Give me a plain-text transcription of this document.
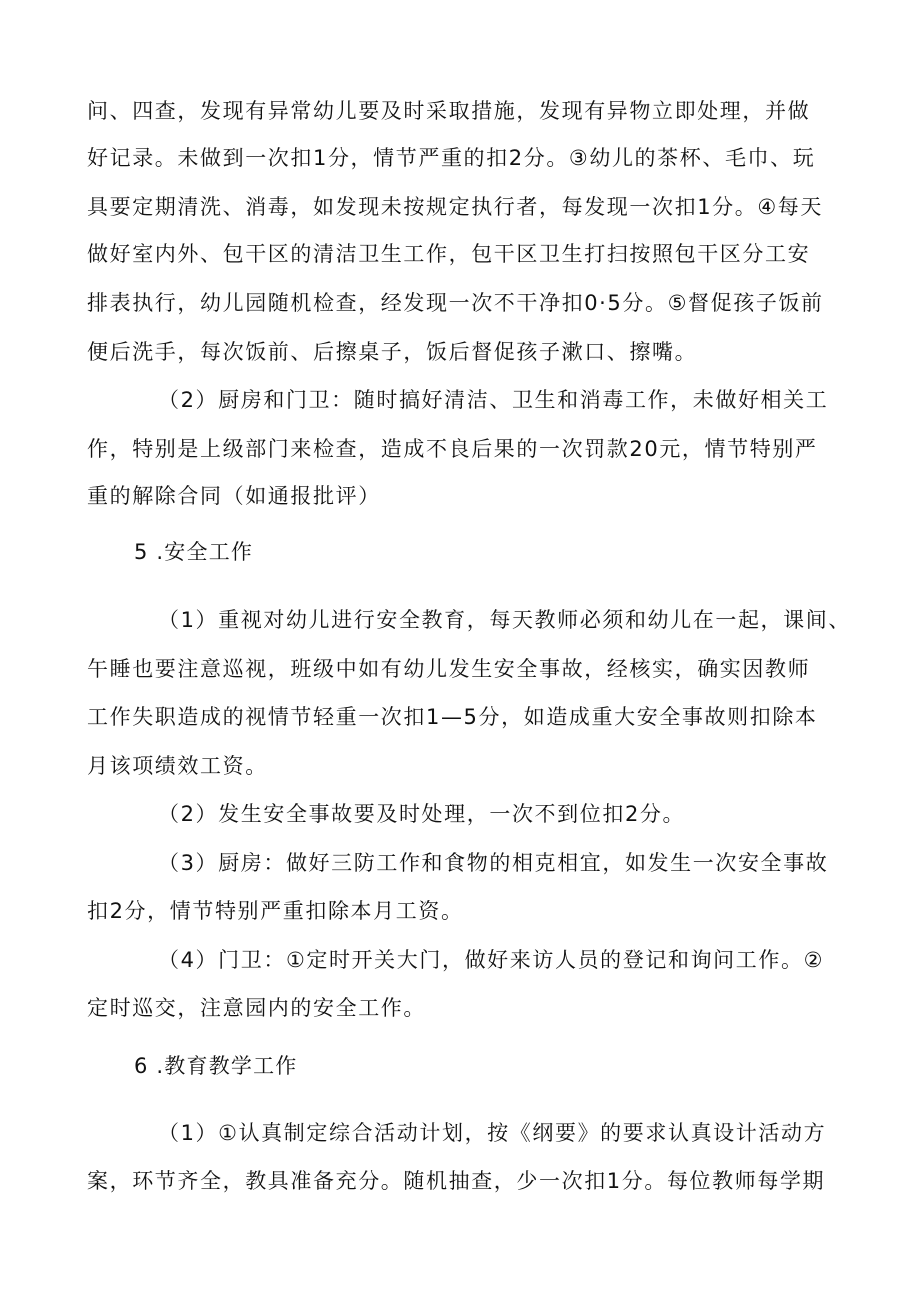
问、四查，发现有异常幼儿要及时采取措施，发现有异物立即处理，并做
好记录。未做到一次扣1分，情节严重的扣2分。③幼儿的茶杯、毛巾、玩
具要定期清洗、消毒，如发现未按规定执行者，每发现一次扣1分。④每天
做好室内外、包干区的清洁卫生工作，包干区卫生打扫按照包干区分工安
排表执行，幼儿园随机检查，经发现一次不干净扣0·5分。⑤督促孩子饭前
便后洗手，每次饭前、后擦桌子，饭后督促孩子漱口、擦嘴。
（2）厨房和门卫：随时搞好清洁、卫生和消毒工作，未做好相关工
作，特别是上级部门来检查，造成不良后果的一次罚款20元，情节特别严
重的解除合同（如通报批评）
5 .安全工作
（1）重视对幼儿进行安全教育，每天教师必须和幼儿在一起，课间、
午睡也要注意巡视，班级中如有幼儿发生安全事故，经核实，确实因教师
工作失职造成的视情节轻重一次扣1—5分，如造成重大安全事故则扣除本
月该项绩效工资。
（2）发生安全事故要及时处理，一次不到位扣2分。
（3）厨房：做好三防工作和食物的相克相宜，如发生一次安全事故
扣2分，情节特别严重扣除本月工资。
（4）门卫：①定时开关大门，做好来访人员的登记和询问工作。②
定时巡交，注意园内的安全工作。
6 .教育教学工作
（1）①认真制定综合活动计划，按《纲要》的要求认真设计活动方
案，环节齐全，教具准备充分。随机抽查，少一次扣1分。每位教师每学期
